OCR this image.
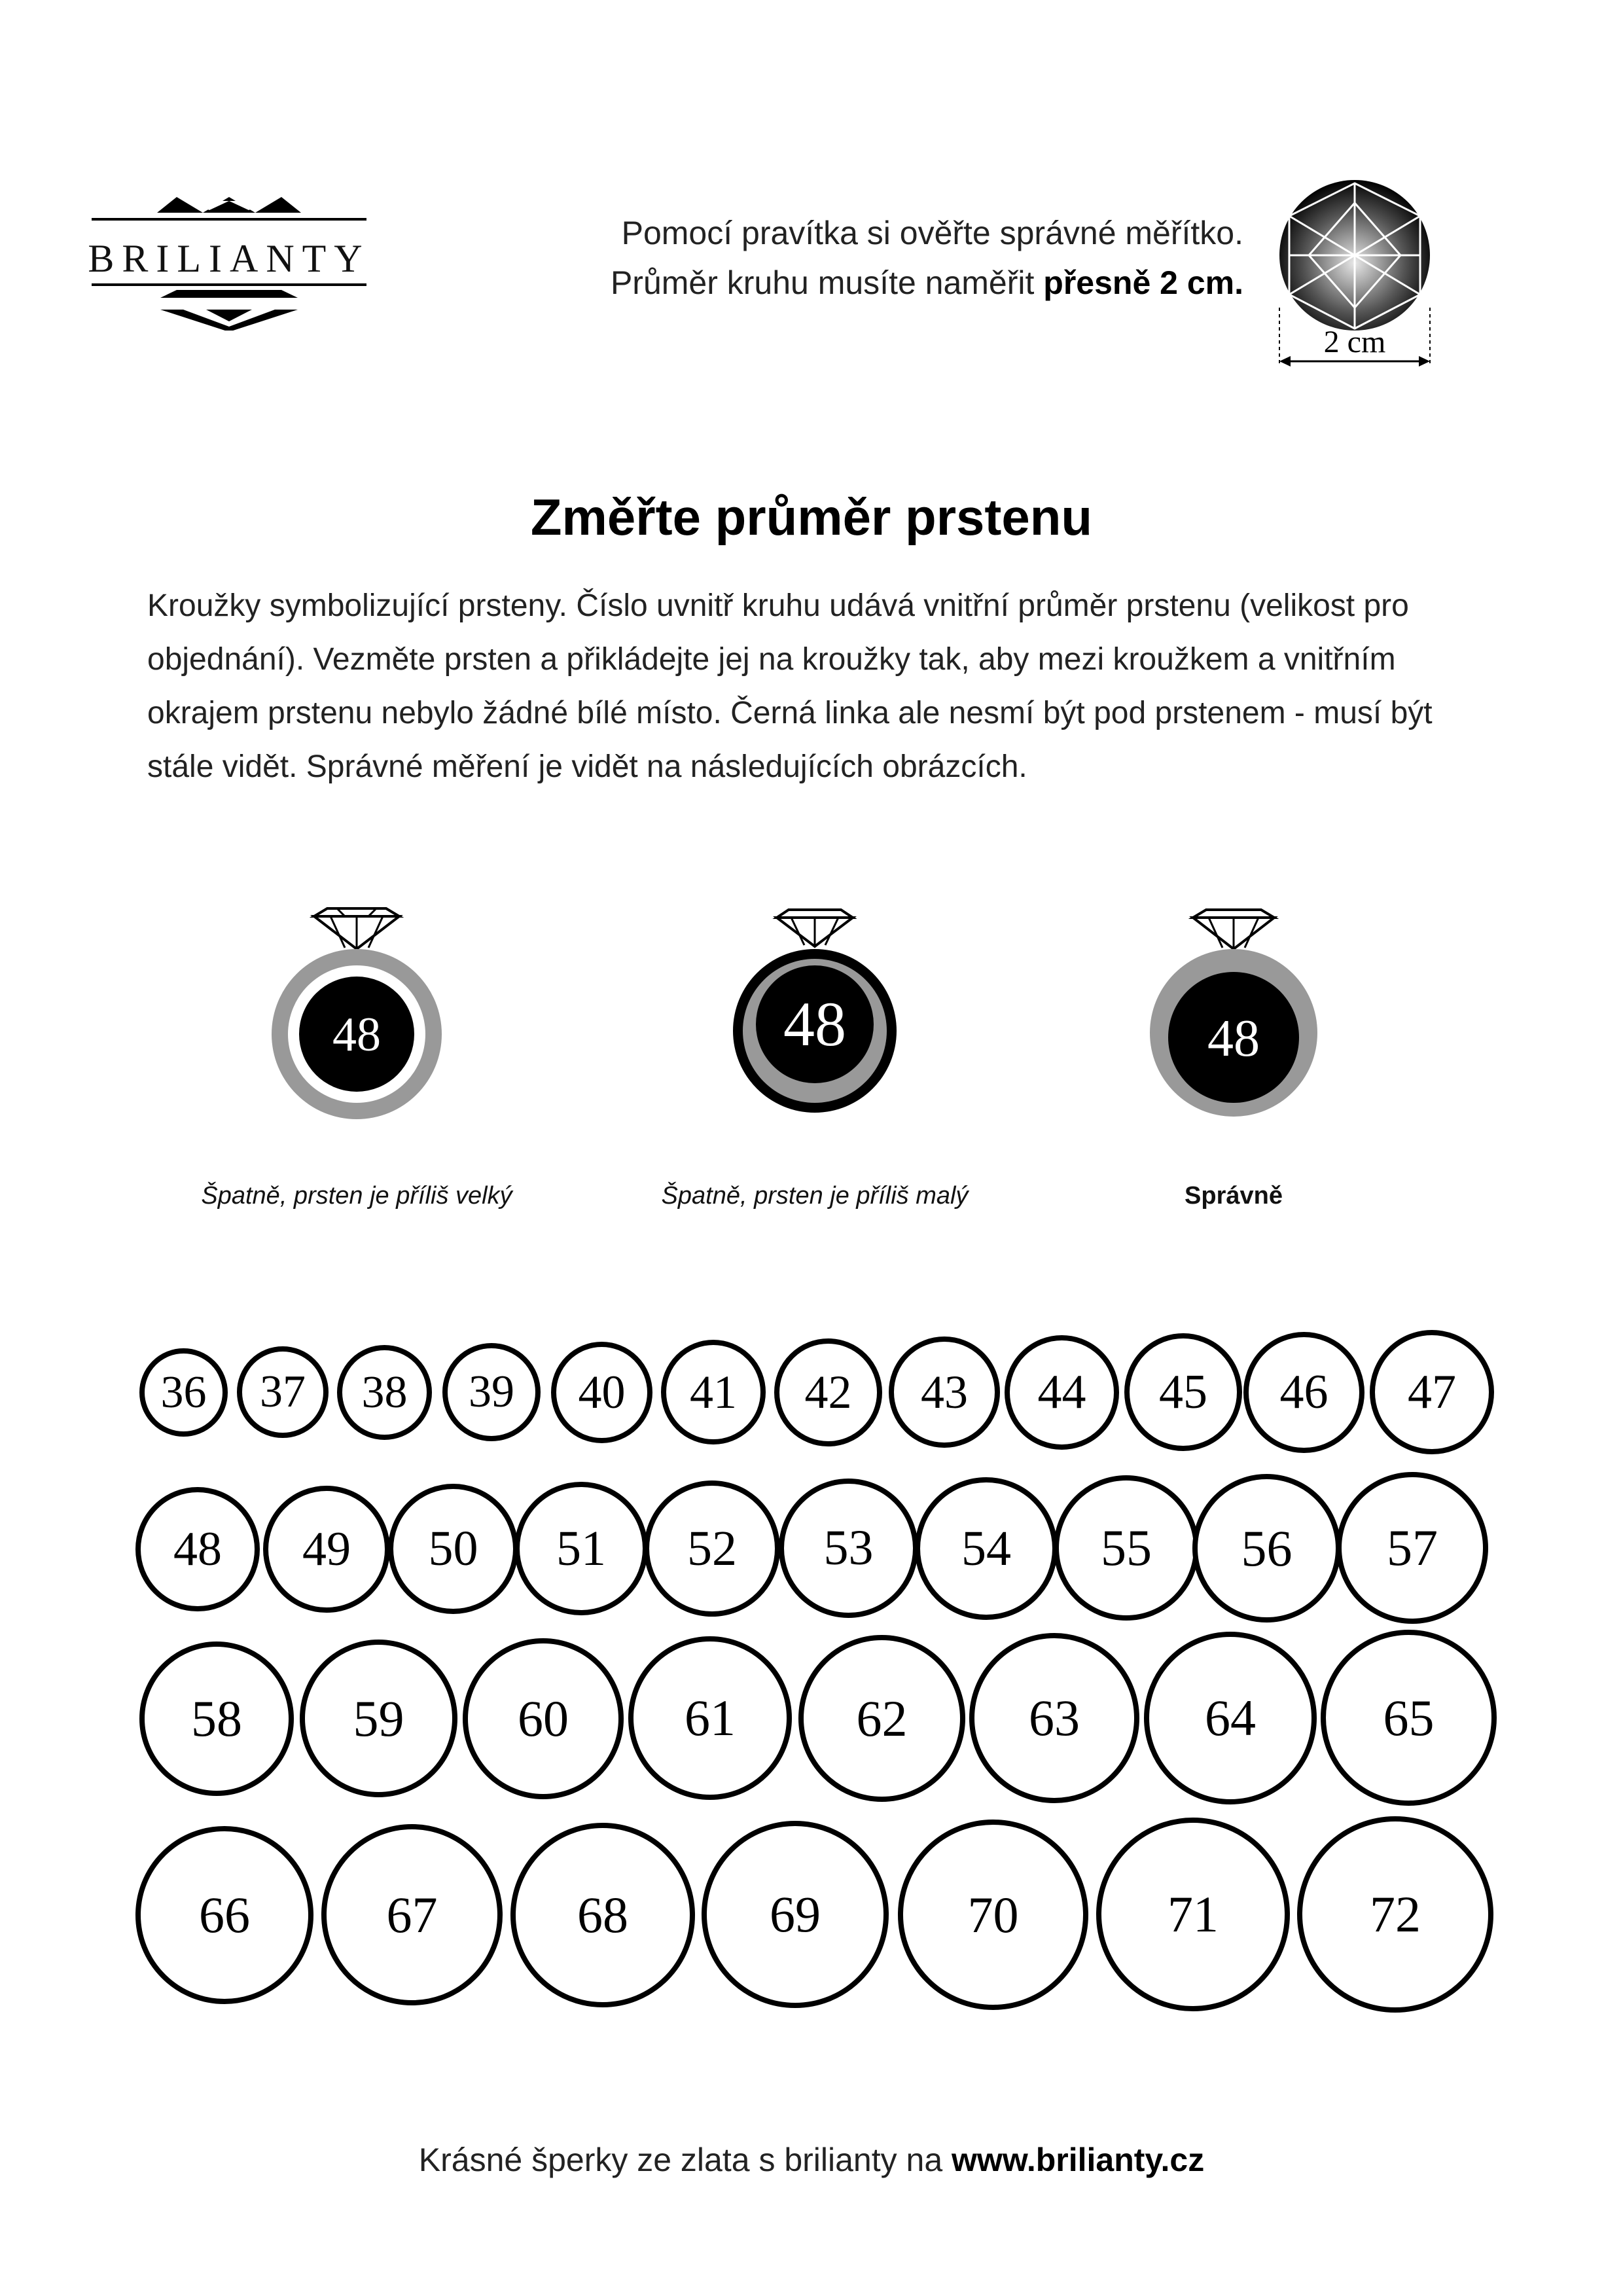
BRILIANTY
Pomocí pravítka si ověřte správné měřítko.
Průměr kruhu musíte naměřit přesně 2 cm.
2 cm
Změřte průměr prstenu
Kroužky symbolizující prsteny. Číslo uvnitř kruhu udává vnitřní průměr prstenu (velikost pro objednání). Vezměte prsten a přikládejte jej na kroužky tak, aby mezi kroužkem a vnitřním okrajem prstenu nebylo žádné bílé místo. Černá linka ale nesmí být pod prstenem - musí být stále vidět. Správné měření je vidět na následujících obrázcích.
48
Špatně, prsten je příliš velký
48
Špatně, prsten je příliš malý
48
Správně
36	37	38	39	40	41	42	43	44	45	46	47
48	49	50	51	52	53	54	55	56	57
58	59	60	61	62	63	64	65
66	67	68	69	70	71	72
Krásné šperky ze zlata s brilianty na www.brilianty.cz
